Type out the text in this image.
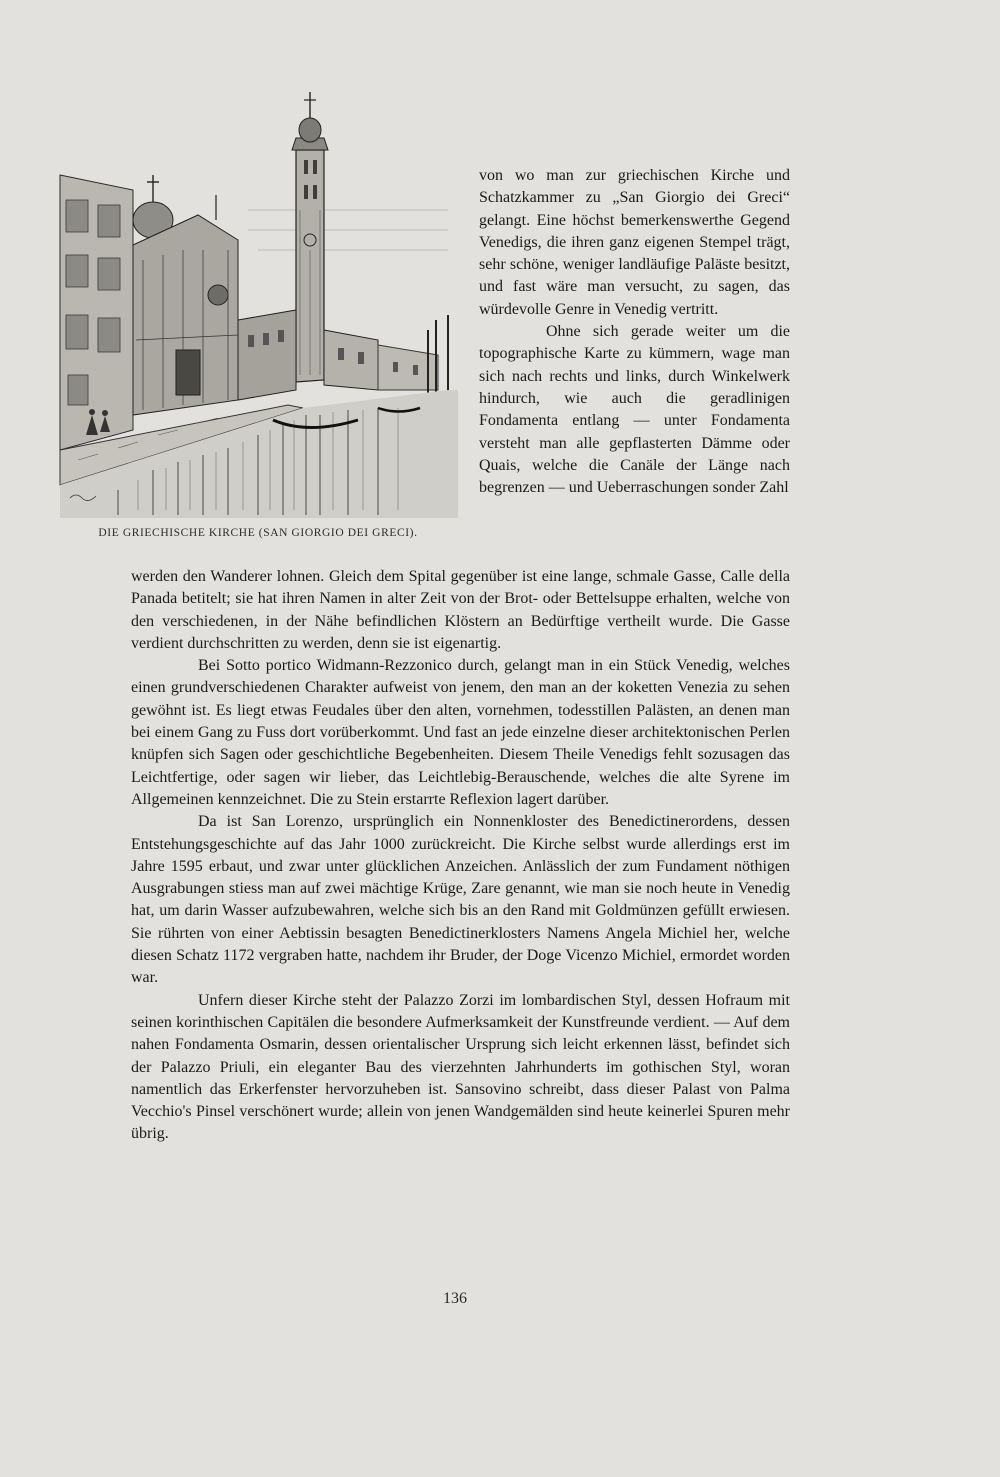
DIE GRIECHISCHE KIRCHE (SAN GIORGIO DEI GRECI).

von wo man zur griechischen Kirche und Schatzkammer zu „San Giorgio dei Greci“ gelangt. Eine höchst bemerkenswerthe Gegend Venedigs, die ihren ganz eigenen Stempel trägt, sehr schöne, weniger landläufige Paläste besitzt, und fast wäre man versucht, zu sagen, das würdevolle Genre in Venedig vertritt.

Ohne sich gerade weiter um die topographische Karte zu kümmern, wage man sich nach rechts und links, durch Winkelwerk hindurch, wie auch die geradlinigen Fondamenta entlang — unter Fondamenta versteht man alle gepflasterten Dämme oder Quais, welche die Canäle der Länge nach begrenzen — und Ueberraschungen sonder Zahl

werden den Wanderer lohnen. Gleich dem Spital gegenüber ist eine lange, schmale Gasse, Calle della Panada betitelt; sie hat ihren Namen in alter Zeit von der Brot- oder Bettelsuppe erhalten, welche von den verschiedenen, in der Nähe befindlichen Klöstern an Bedürftige vertheilt wurde. Die Gasse verdient durchschritten zu werden, denn sie ist eigenartig.

Bei Sotto portico Widmann-Rezzonico durch, gelangt man in ein Stück Venedig, welches einen grundverschiedenen Charakter aufweist von jenem, den man an der koketten Venezia zu sehen gewöhnt ist. Es liegt etwas Feudales über den alten, vornehmen, todesstillen Palästen, an denen man bei einem Gang zu Fuss dort vorüberkommt. Und fast an jede einzelne dieser architektonischen Perlen knüpfen sich Sagen oder geschichtliche Begebenheiten. Diesem Theile Venedigs fehlt sozusagen das Leichtfertige, oder sagen wir lieber, das Leichtlebig-Berauschende, welches die alte Syrene im Allgemeinen kennzeichnet. Die zu Stein erstarrte Reflexion lagert darüber.

Da ist San Lorenzo, ursprünglich ein Nonnenkloster des Benedictinerordens, dessen Entstehungsgeschichte auf das Jahr 1000 zurückreicht. Die Kirche selbst wurde allerdings erst im Jahre 1595 erbaut, und zwar unter glücklichen Anzeichen. Anlässlich der zum Fundament nöthigen Ausgrabungen stiess man auf zwei mächtige Krüge, Zare genannt, wie man sie noch heute in Venedig hat, um darin Wasser aufzubewahren, welche sich bis an den Rand mit Goldmünzen gefüllt erwiesen. Sie rührten von einer Aebtissin besagten Benedictinerklosters Namens Angela Michiel her, welche diesen Schatz 1172 vergraben hatte, nachdem ihr Bruder, der Doge Vicenzo Michiel, ermordet worden war.

Unfern dieser Kirche steht der Palazzo Zorzi im lombardischen Styl, dessen Hofraum mit seinen korinthischen Capitälen die besondere Aufmerksamkeit der Kunstfreunde verdient. — Auf dem nahen Fondamenta Osmarin, dessen orientalischer Ursprung sich leicht erkennen lässt, befindet sich der Palazzo Priuli, ein eleganter Bau des vierzehnten Jahrhunderts im gothischen Styl, woran namentlich das Erkerfenster hervorzuheben ist. Sansovino schreibt, dass dieser Palast von Palma Vecchio's Pinsel verschönert wurde; allein von jenen Wandgemälden sind heute keinerlei Spuren mehr übrig.

136
